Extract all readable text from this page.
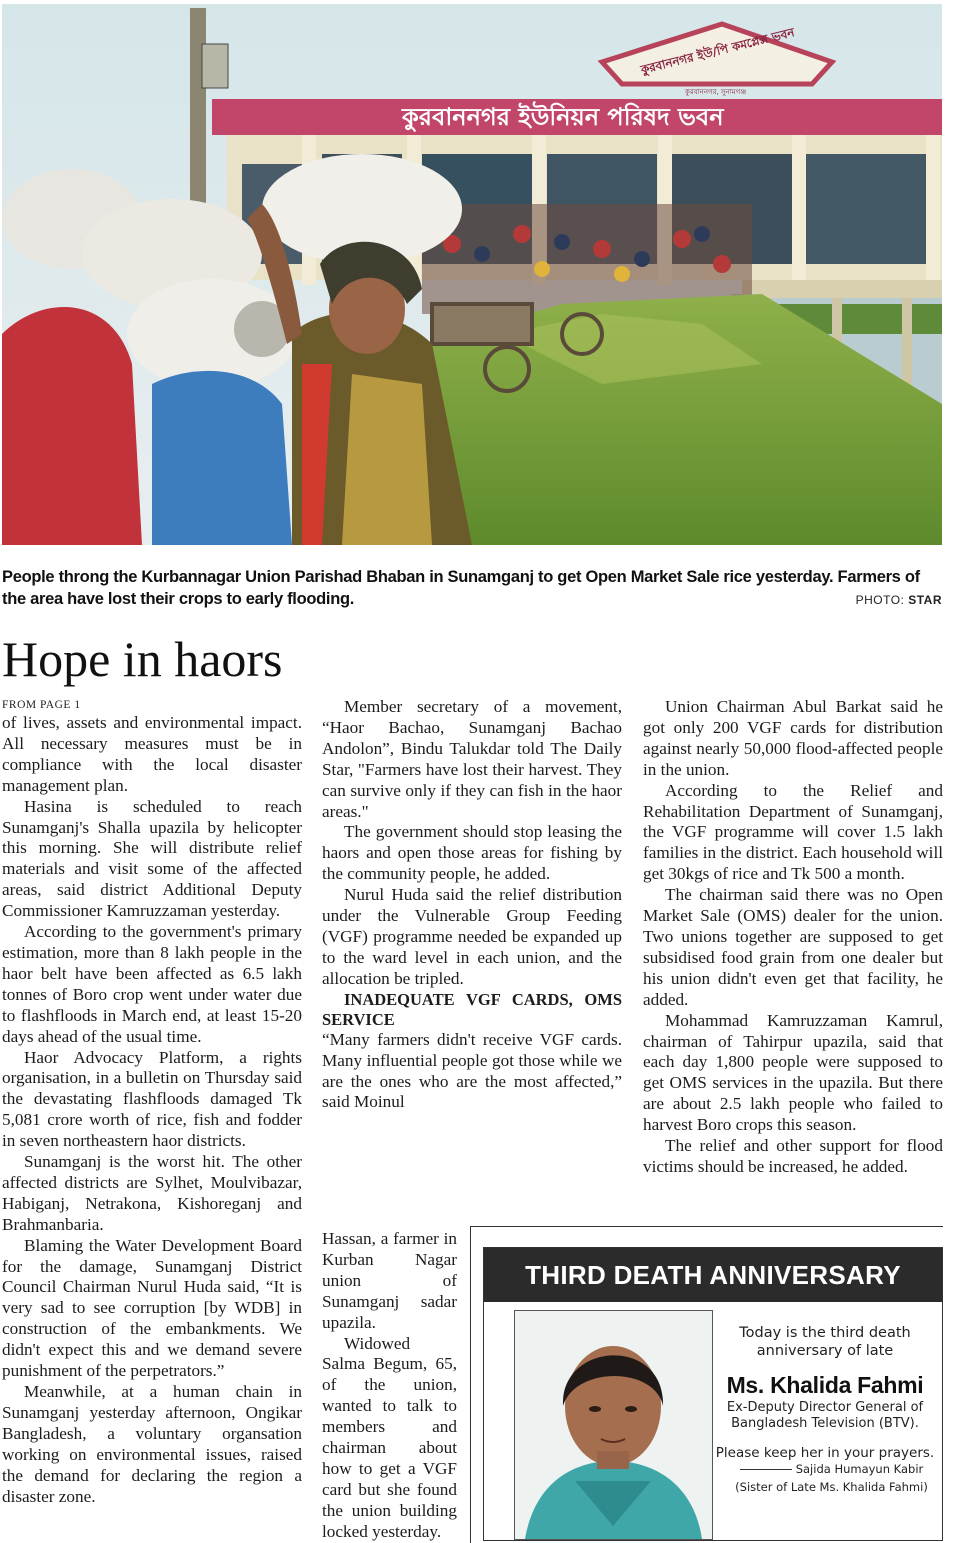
কুরবাননগর ইউনিয়ন পরিষদ ভবন
কুরবাননগর ইউ/পি কমপ্লেক্স ভবন
কুরবাননগর, সুনামগঞ্জ
People throng the Kurbannagar Union Parishad Bhaban in Sunamganj to get Open Market Sale rice yesterday. Farmers of the area have lost their crops to early flooding.	PHOTO: STAR
Hope in haors
FROM PAGE 1

of lives, assets and environmental impact. All necessary measures must be in compliance with the local disaster management plan.

Hasina is scheduled to reach Sunamganj's Shalla upazila by helicopter this morning. She will distribute relief materials and visit some of the affected areas, said district Additional Deputy Commissioner Kamruzzaman yesterday.

According to the government's primary estimation, more than 8 lakh people in the haor belt have been affected as 6.5 lakh tonnes of Boro crop went under water due to flashfloods in March end, at least 15-20 days ahead of the usual time.

Haor Advocacy Platform, a rights organisation, in a bulletin on Thursday said the devastating flashfloods damaged Tk 5,081 crore worth of rice, fish and fodder in seven northeastern haor districts.

Sunamganj is the worst hit. The other affected districts are Sylhet, Moulvibazar, Habiganj, Netrakona, Kishoreganj and Brahmanbaria.

Blaming the Water Development Board for the damage, Sunamganj District Council Chairman Nurul Huda said, “It is very sad to see corruption [by WDB] in construction of the embankments. We didn't expect this and we demand severe punishment of the perpetrators.”

Meanwhile, at a human chain in Sunamganj yesterday afternoon, Ongikar Bangladesh, a voluntary organsation working on environmental issues, raised the demand for declaring the region a disaster zone.

Member secretary of a movement, “Haor Bachao, Sunamganj Bachao Andolon”, Bindu Talukdar told The Daily Star, "Farmers have lost their harvest. They can survive only if they can fish in the haor areas."

The government should stop leasing the haors and open those areas for fishing by the community people, he added.

Nurul Huda said the relief distribution under the Vulnerable Group Feeding (VGF) programme needed be expanded up to the ward level in each union, and the allocation be tripled.

INADEQUATE VGF CARDS, OMS SERVICE

“Many farmers didn't receive VGF cards. Many influential people got those while we are the ones who are the most affected,” said Moinul

Hassan, a farmer in Kurban Nagar union of Sunamganj sadar upazila.

Widowed Salma Begum, 65, of the union, wanted to talk to members and chairman about how to get a VGF card but she found the union building locked yesterday.

Union Chairman Abul Barkat said he got only 200 VGF cards for distribution against nearly 50,000 flood-affected people in the union.

According to the Relief and Rehabilitation Department of Sunamganj, the VGF programme will cover 1.5 lakh families in the district. Each household will get 30kgs of rice and Tk 500 a month.

The chairman said there was no Open Market Sale (OMS) dealer for the union. Two unions together are supposed to get subsidised food grain from one dealer but his union didn't even get that facility, he added.

Mohammad Kamruzzaman Kamrul, chairman of Tahirpur upazila, said that each day 1,800 people were supposed to get OMS services in the upazila. But there are about 2.5 lakh people who failed to harvest Boro crops this season.

The relief and other support for flood victims should be increased, he added.

THIRD DEATH ANNIVERSARY
Today is the third death anniversary of late
Ms. Khalida Fahmi
Ex-Deputy Director General of Bangladesh Television (BTV).
Please keep her in your prayers.
Sajida Humayun Kabir
(Sister of Late Ms. Khalida Fahmi)
